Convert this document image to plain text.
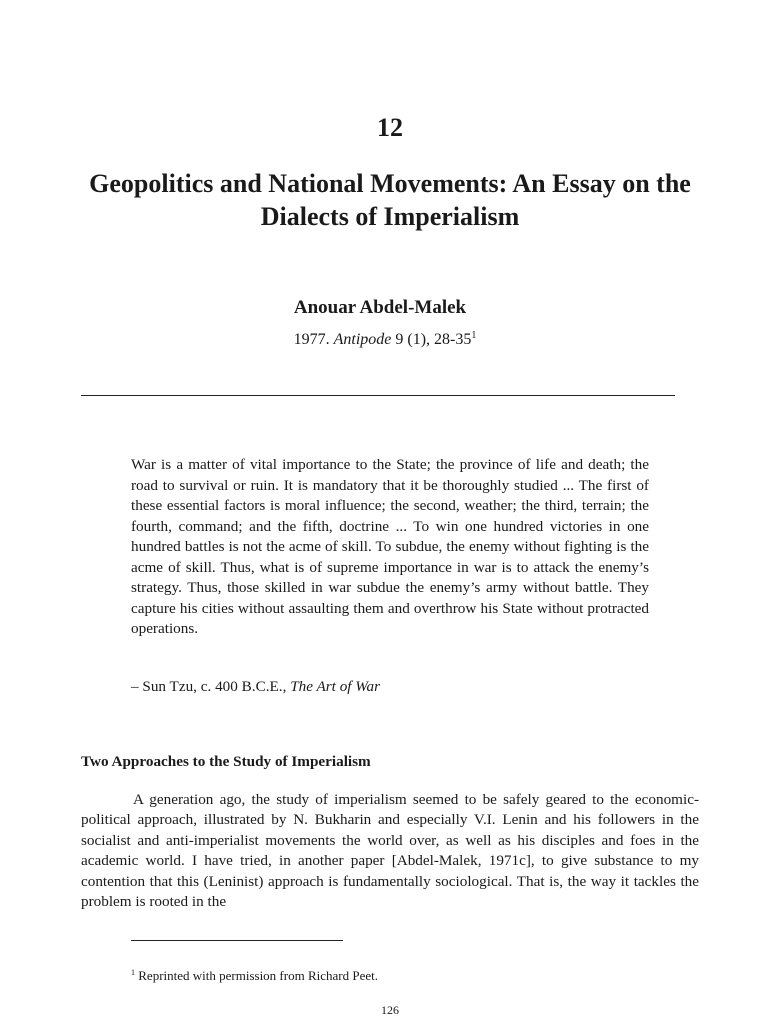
12
Geopolitics and National Movements: An Essay on the Dialects of Imperialism
Anouar Abdel-Malek
1977. Antipode 9 (1), $28-35^1$
War is a matter of vital importance to the State; the province of life and death; the road to survival or ruin. It is mandatory that it be thoroughly studied ... The first of these essential factors is moral influence; the second, weather; the third, terrain; the fourth, command; and the fifth, doctrine ... To win one hundred victories in one hundred battles is not the acme of skill. To subdue, the enemy without fighting is the acme of skill. Thus, what is of supreme importance in war is to attack the enemy’s strategy. Thus, those skilled in war subdue the enemy’s army without battle. They capture his cities without assaulting them and overthrow his State without protracted operations.
– Sun Tzu, c. 400 B.C.E., The Art of War
Two Approaches to the Study of Imperialism
A generation ago, the study of imperialism seemed to be safely geared to the economic-political approach, illustrated by N. Bukharin and especially V.I. Lenin and his followers in the socialist and anti-imperialist movements the world over, as well as his disciples and foes in the academic world. I have tried, in another paper [Abdel-Malek, 1971c], to give substance to my contention that this (Leninist) approach is fundamentally sociological. That is, the way it tackles the problem is rooted in the
$^1$ Reprinted with permission from Richard Peet.
126
